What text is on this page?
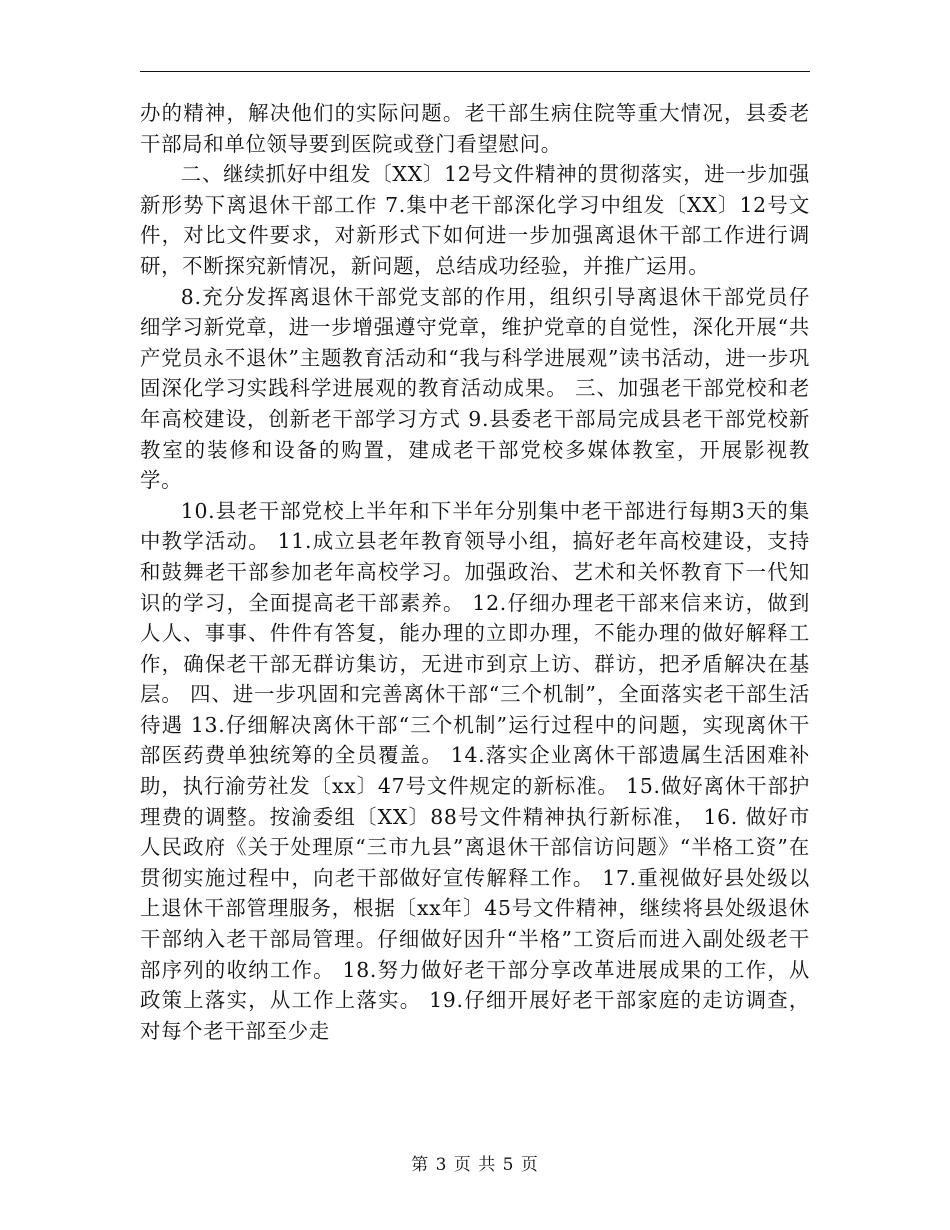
办的精神，解决他们的实际问题。老干部生病住院等重大情况，县委老干部局和单位领导要到医院或登门看望慰问。

二、继续抓好中组发〔XX〕12号文件精神的贯彻落实，进一步加强新形势下离退休干部工作 7.集中老干部深化学习中组发〔XX〕12号文件，对比文件要求，对新形式下如何进一步加强离退休干部工作进行调研，不断探究新情况，新问题，总结成功经验，并推广运用。

8.充分发挥离退休干部党支部的作用，组织引导离退休干部党员仔细学习新党章，进一步增强遵守党章，维护党章的自觉性，深化开展“共产党员永不退休”主题教育活动和“我与科学进展观”读书活动，进一步巩固深化学习实践科学进展观的教育活动成果。 三、加强老干部党校和老年高校建设，创新老干部学习方式 9.县委老干部局完成县老干部党校新教室的装修和设备的购置，建成老干部党校多媒体教室，开展影视教学。

10.县老干部党校上半年和下半年分别集中老干部进行每期3天的集中教学活动。 11.成立县老年教育领导小组，搞好老年高校建设，支持和鼓舞老干部参加老年高校学习。加强政治、艺术和关怀教育下一代知识的学习，全面提高老干部素养。 12.仔细办理老干部来信来访，做到人人、事事、件件有答复，能办理的立即办理，不能办理的做好解释工作，确保老干部无群访集访，无进市到京上访、群访，把矛盾解决在基层。 四、进一步巩固和完善离休干部“三个机制”，全面落实老干部生活待遇 13.仔细解决离休干部“三个机制”运行过程中的问题，实现离休干部医药费单独统筹的全员覆盖。 14.落实企业离休干部遗属生活困难补助，执行渝劳社发〔xx〕47号文件规定的新标准。 15.做好离休干部护理费的调整。按渝委组〔XX〕88号文件精神执行新标准， 16. 做好市人民政府《关于处理原“三市九县”离退休干部信访问题》“半格工资”在贯彻实施过程中，向老干部做好宣传解释工作。 17.重视做好县处级以上退休干部管理服务，根据〔xx年〕45号文件精神，继续将县处级退休干部纳入老干部局管理。仔细做好因升“半格”工资后而进入副处级老干部序列的收纳工作。 18.努力做好老干部分享改革进展成果的工作，从政策上落实，从工作上落实。 19.仔细开展好老干部家庭的走访调查，对每个老干部至少走

第 3 页 共 5 页
